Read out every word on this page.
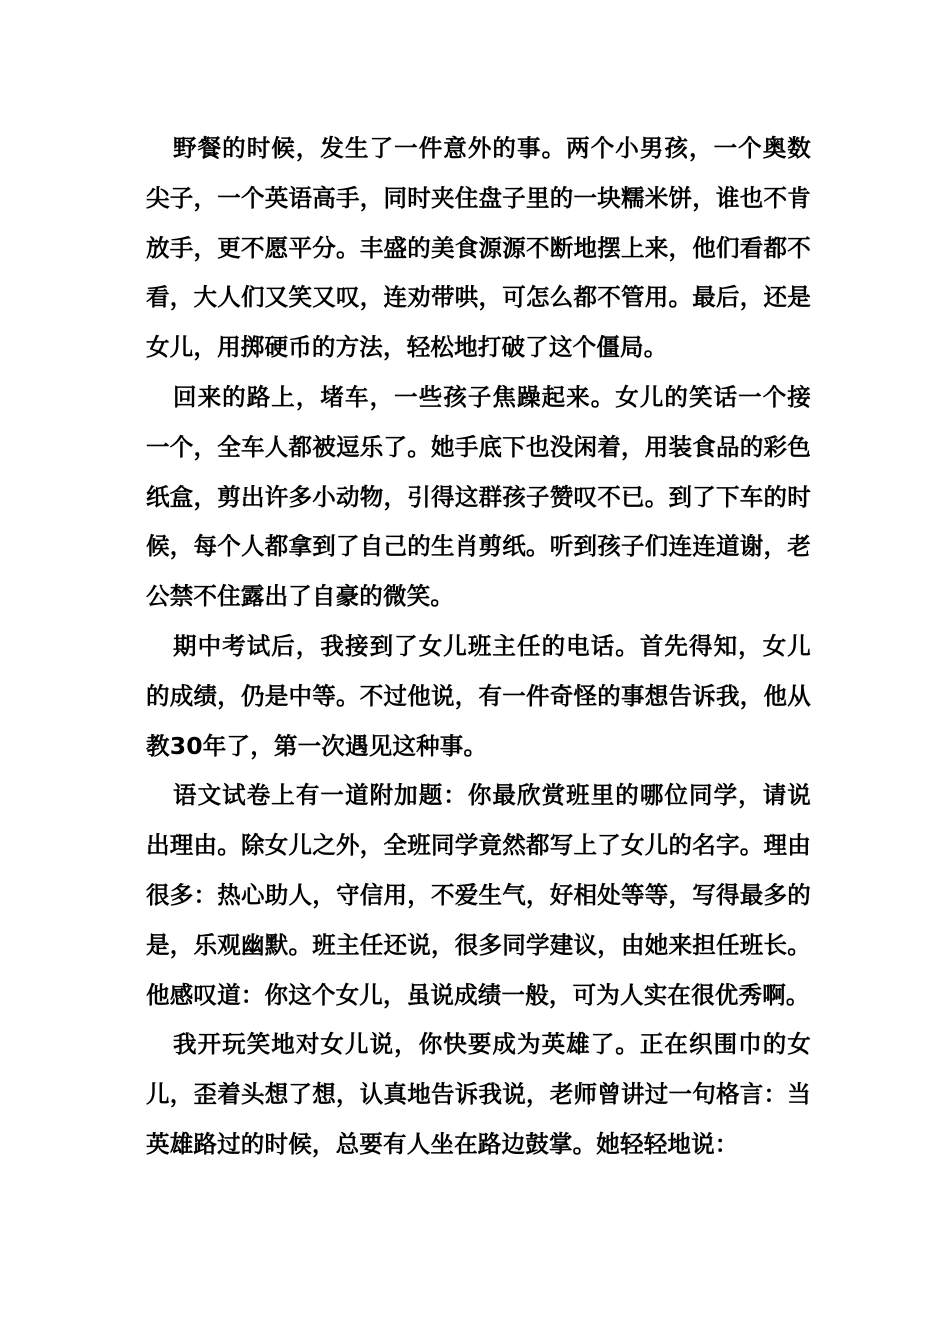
野餐的时候，发生了一件意外的事。两个小男孩，一个奥数尖子，一个英语高手，同时夹住盘子里的一块糯米饼，谁也不肯放手，更不愿平分。丰盛的美食源源不断地摆上来，他们看都不看，大人们又笑又叹，连劝带哄，可怎么都不管用。最后，还是女儿，用掷硬币的方法，轻松地打破了这个僵局。

回来的路上，堵车，一些孩子焦躁起来。女儿的笑话一个接一个，全车人都被逗乐了。她手底下也没闲着，用装食品的彩色纸盒，剪出许多小动物，引得这群孩子赞叹不已。到了下车的时候，每个人都拿到了自己的生肖剪纸。听到孩子们连连道谢，老公禁不住露出了自豪的微笑。

期中考试后，我接到了女儿班主任的电话。首先得知，女儿的成绩，仍是中等。不过他说，有一件奇怪的事想告诉我，他从教30年了，第一次遇见这种事。

语文试卷上有一道附加题：你最欣赏班里的哪位同学，请说出理由。除女儿之外，全班同学竟然都写上了女儿的名字。理由很多：热心助人，守信用，不爱生气，好相处等等，写得最多的是，乐观幽默。班主任还说，很多同学建议，由她来担任班长。他感叹道：你这个女儿，虽说成绩一般，可为人实在很优秀啊。

我开玩笑地对女儿说，你快要成为英雄了。正在织围巾的女儿，歪着头想了想，认真地告诉我说，老师曾讲过一句格言：当英雄路过的时候，总要有人坐在路边鼓掌。她轻轻地说：
